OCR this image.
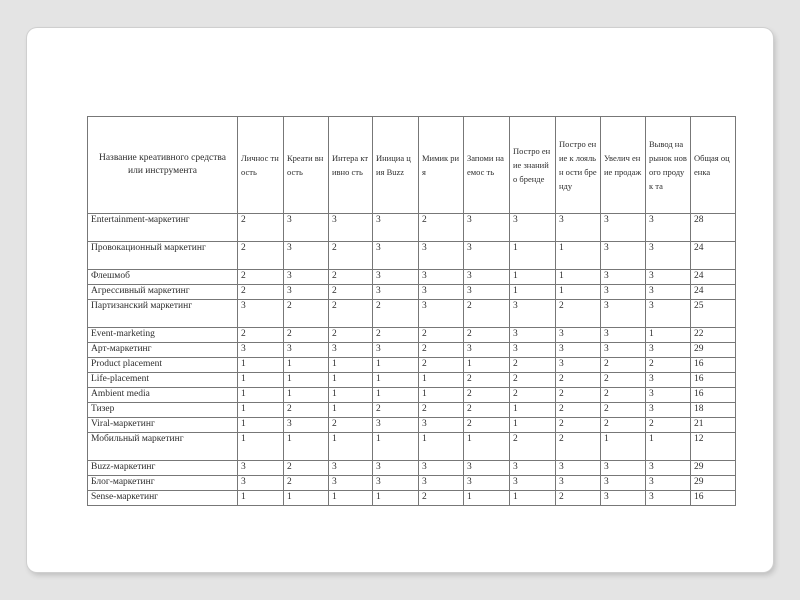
Название креативного средства или инструмента	Личнос тность	Креати вность	Интера ктивно сть	Инициа ция Buzz	Мимик рия	Запоми наемос ть	Постро ение знаний о бренде	Постро ение к лояльн ости бренду	Увелич ение продаж	Вывод на рынок нового продук та	Общая оценка
Entertainment-маркетинг	2	3	3	3	2	3	3	3	3	3	28
Провокационный маркетинг	2	3	2	3	3	3	1	1	3	3	24
Флешмоб	2	3	2	3	3	3	1	1	3	3	24
Агрессивный маркетинг	2	3	2	3	3	3	1	1	3	3	24
Партизанский маркетинг	3	2	2	2	3	2	3	2	3	3	25
Event-marketing	2	2	2	2	2	2	3	3	3	1	22
Арт-маркетинг	3	3	3	3	2	3	3	3	3	3	29
Product placement	1	1	1	1	2	1	2	3	2	2	16
Life-placement	1	1	1	1	1	2	2	2	2	3	16
Ambient media	1	1	1	1	1	2	2	2	2	3	16
Тизер	1	2	1	2	2	2	1	2	2	3	18
Viral-маркетинг	1	3	2	3	3	2	1	2	2	2	21
Мобильный маркетинг	1	1	1	1	1	1	2	2	1	1	12
Buzz-маркетинг	3	2	3	3	3	3	3	3	3	3	29
Блог-маркетинг	3	2	3	3	3	3	3	3	3	3	29
Sense-маркетинг	1	1	1	1	2	1	1	2	3	3	16
